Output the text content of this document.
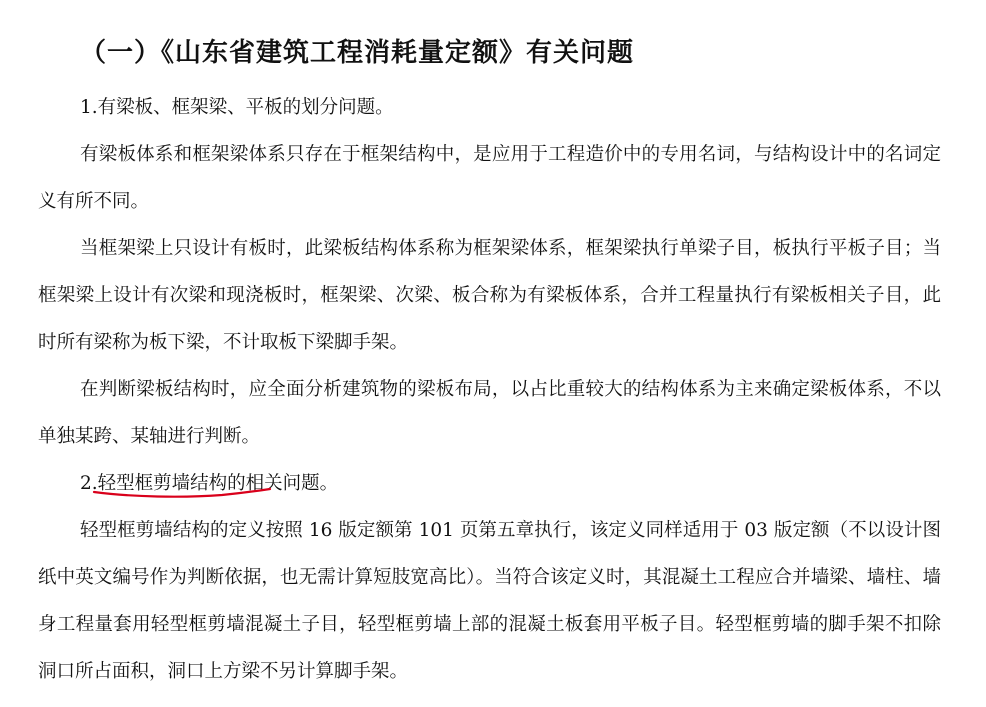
（一）《山东省建筑工程消耗量定额》有关问题

1.有梁板、框架梁、平板的划分问题。

有梁板体系和框架梁体系只存在于框架结构中，是应用于工程造价中的专用名词，与结构设计中的名词定义有所不同。

当框架梁上只设计有板时，此梁板结构体系称为框架梁体系，框架梁执行单梁子目，板执行平板子目；当框架梁上设计有次梁和现浇板时，框架梁、次梁、板合称为有梁板体系，合并工程量执行有梁板相关子目，此时所有梁称为板下梁，不计取板下梁脚手架。

在判断梁板结构时，应全面分析建筑物的梁板布局，以占比重较大的结构体系为主来确定梁板体系，不以单独某跨、某轴进行判断。

2.轻型框剪墙结构的相关问题。

轻型框剪墙结构的定义按照 16 版定额第 101 页第五章执行，该定义同样适用于 03 版定额（不以设计图纸中英文编号作为判断依据，也无需计算短肢宽高比）。当符合该定义时，其混凝土工程应合并墙梁、墙柱、墙身工程量套用轻型框剪墙混凝土子目，轻型框剪墙上部的混凝土板套用平板子目。轻型框剪墙的脚手架不扣除洞口所占面积，洞口上方梁不另计算脚手架。
